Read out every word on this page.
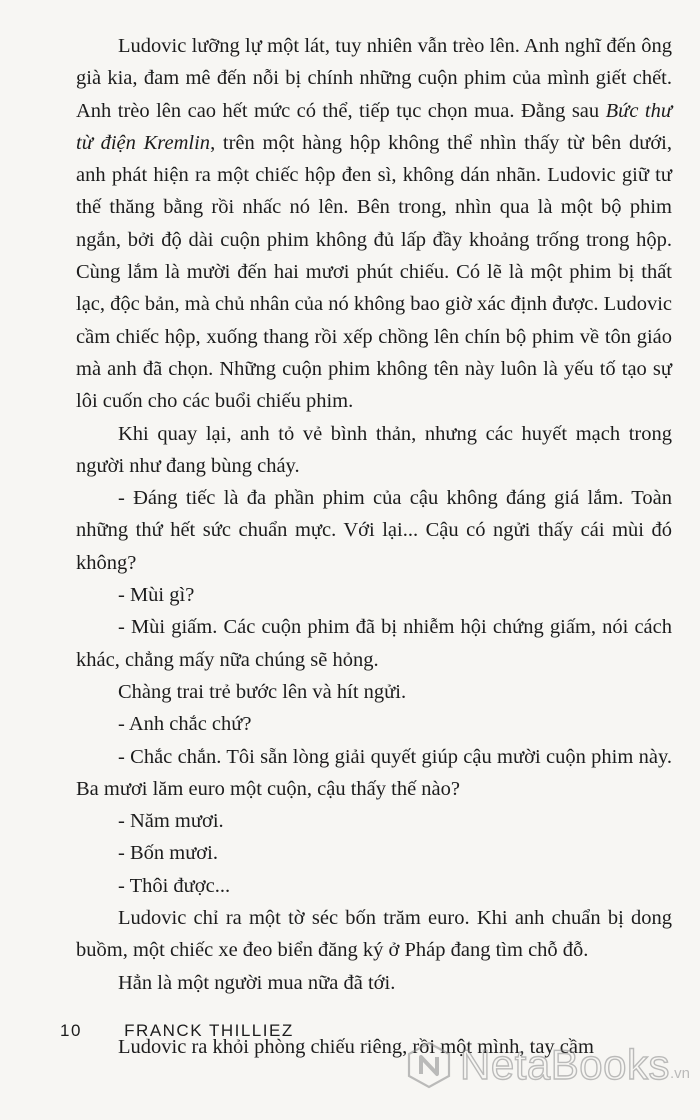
Ludovic lưỡng lự một lát, tuy nhiên vẫn trèo lên. Anh nghĩ đến ông già kia, đam mê đến nỗi bị chính những cuộn phim của mình giết chết. Anh trèo lên cao hết mức có thể, tiếp tục chọn mua. Đằng sau Bức thư từ điện Kremlin, trên một hàng hộp không thể nhìn thấy từ bên dưới, anh phát hiện ra một chiếc hộp đen sì, không dán nhãn. Ludovic giữ tư thế thăng bằng rồi nhấc nó lên. Bên trong, nhìn qua là một bộ phim ngắn, bởi độ dài cuộn phim không đủ lấp đầy khoảng trống trong hộp. Cùng lắm là mười đến hai mươi phút chiếu. Có lẽ là một phim bị thất lạc, độc bản, mà chủ nhân của nó không bao giờ xác định được. Ludovic cầm chiếc hộp, xuống thang rồi xếp chồng lên chín bộ phim về tôn giáo mà anh đã chọn. Những cuộn phim không tên này luôn là yếu tố tạo sự lôi cuốn cho các buổi chiếu phim.

Khi quay lại, anh tỏ vẻ bình thản, nhưng các huyết mạch trong người như đang bùng cháy.

- Đáng tiếc là đa phần phim của cậu không đáng giá lắm. Toàn những thứ hết sức chuẩn mực. Với lại... Cậu có ngửi thấy cái mùi đó không?

- Mùi gì?

- Mùi giấm. Các cuộn phim đã bị nhiễm hội chứng giấm, nói cách khác, chẳng mấy nữa chúng sẽ hỏng.

Chàng trai trẻ bước lên và hít ngửi.

- Anh chắc chứ?

- Chắc chắn. Tôi sẵn lòng giải quyết giúp cậu mười cuộn phim này. Ba mươi lăm euro một cuộn, cậu thấy thế nào?

- Năm mươi.

- Bốn mươi.

- Thôi được...

Ludovic chỉ ra một tờ séc bốn trăm euro. Khi anh chuẩn bị dong buồm, một chiếc xe đeo biển đăng ký ở Pháp đang tìm chỗ đỗ.

Hẳn là một người mua nữa đã tới.

Ludovic ra khỏi phòng chiếu riêng, rồi một mình, tay cầm

10 FRANCK THILLIEZ
NetaBooks .vn
